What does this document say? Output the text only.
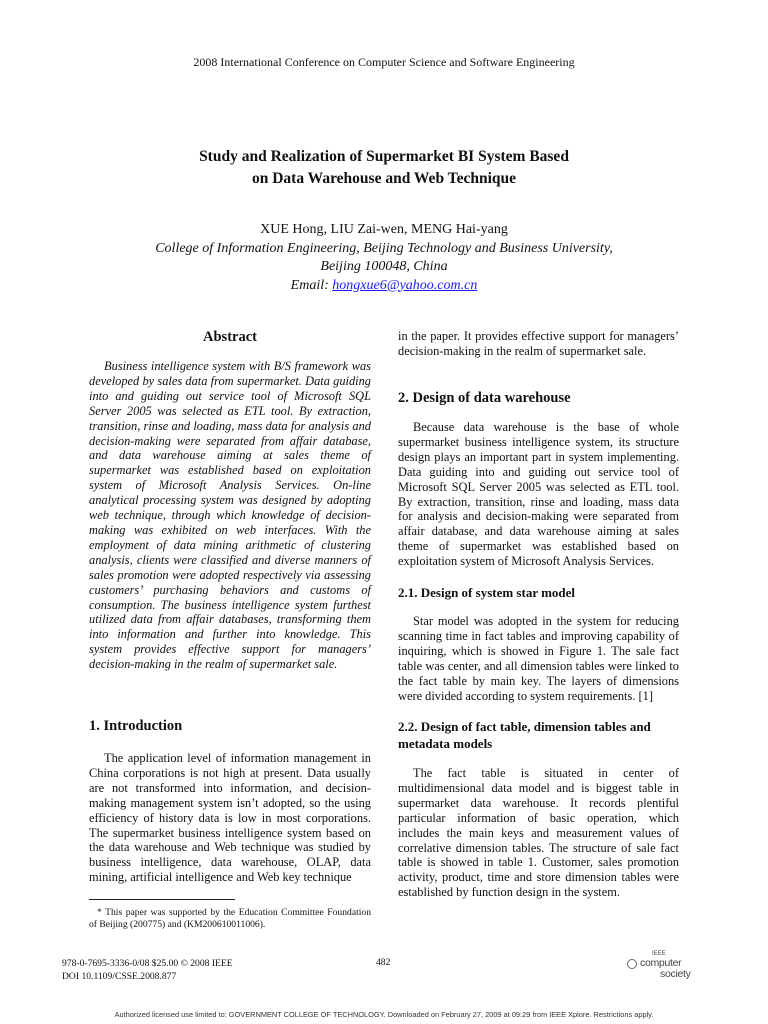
2008 International Conference on Computer Science and Software Engineering
Study and Realization of Supermarket BI System Based
on Data Warehouse and Web Technique
XUE Hong, LIU Zai-wen, MENG Hai-yang
College of Information Engineering, Beijing Technology and Business University,
Beijing 100048, China
Email: hongxue6@yahoo.com.cn
Abstract

Business intelligence system with B/S framework was developed by sales data from supermarket. Data guiding into and guiding out service tool of Microsoft SQL Server 2005 was selected as ETL tool. By extraction, transition, rinse and loading, mass data for analysis and decision-making were separated from affair database, and data warehouse aiming at sales theme of supermarket was established based on exploitation system of Microsoft Analysis Services. On-line analytical processing system was designed by adopting web technique, through which knowledge of decision-making was exhibited on web interfaces. With the employment of data mining arithmetic of clustering analysis, clients were classified and diverse manners of sales promotion were adopted respectively via assessing customers’ purchasing behaviors and customs of consumption. The business intelligence system furthest utilized data from affair databases, transforming them into information and further into knowledge. This system provides effective support for managers’ decision-making in the realm of supermarket sale.

1. Introduction

The application level of information management in China corporations is not high at present. Data usually are not transformed into information, and decision-making management system isn’t adopted, so the using efficiency of history data is low in most corporations. The supermarket business intelligence system based on the data warehouse and Web technique was studied by business intelligence, data warehouse, OLAP, data mining, artificial intelligence and Web key technique

* This paper was supported by the Education Committee Foundation of Beijing (200775) and (KM200610011006).

in the paper. It provides effective support for managers’ decision-making in the realm of supermarket sale.

2. Design of data warehouse

Because data warehouse is the base of whole supermarket business intelligence system, its structure design plays an important part in system implementing. Data guiding into and guiding out service tool of Microsoft SQL Server 2005 was selected as ETL tool. By extraction, transition, rinse and loading, mass data for analysis and decision-making were separated from affair database, and data warehouse aiming at sales theme of supermarket was established based on exploitation system of Microsoft Analysis Services.

2.1. Design of system star model

Star model was adopted in the system for reducing scanning time in fact tables and improving capability of inquiring, which is showed in Figure 1. The sale fact table was center, and all dimension tables were linked to the fact table by main key. The layers of dimensions were divided according to system requirements. [1]

2.2. Design of fact table, dimension tables and metadata models

The fact table is situated in center of multidimensional data model and is biggest table in supermarket data warehouse. It records plentiful particular information of basic operation, which includes the main keys and measurement values of correlative dimension tables. The structure of sale fact table is showed in table 1. Customer, sales promotion activity, product, time and store dimension tables were established by function design in the system.

978-0-7695-3336-0/08 $25.00 © 2008 IEEE
DOI 10.1109/CSSE.2008.877
482
IEEE
computer
society
Authorized licensed use limited to: GOVERNMENT COLLEGE OF TECHNOLOGY. Downloaded on February 27, 2009 at 09:29 from IEEE Xplore. Restrictions apply.
